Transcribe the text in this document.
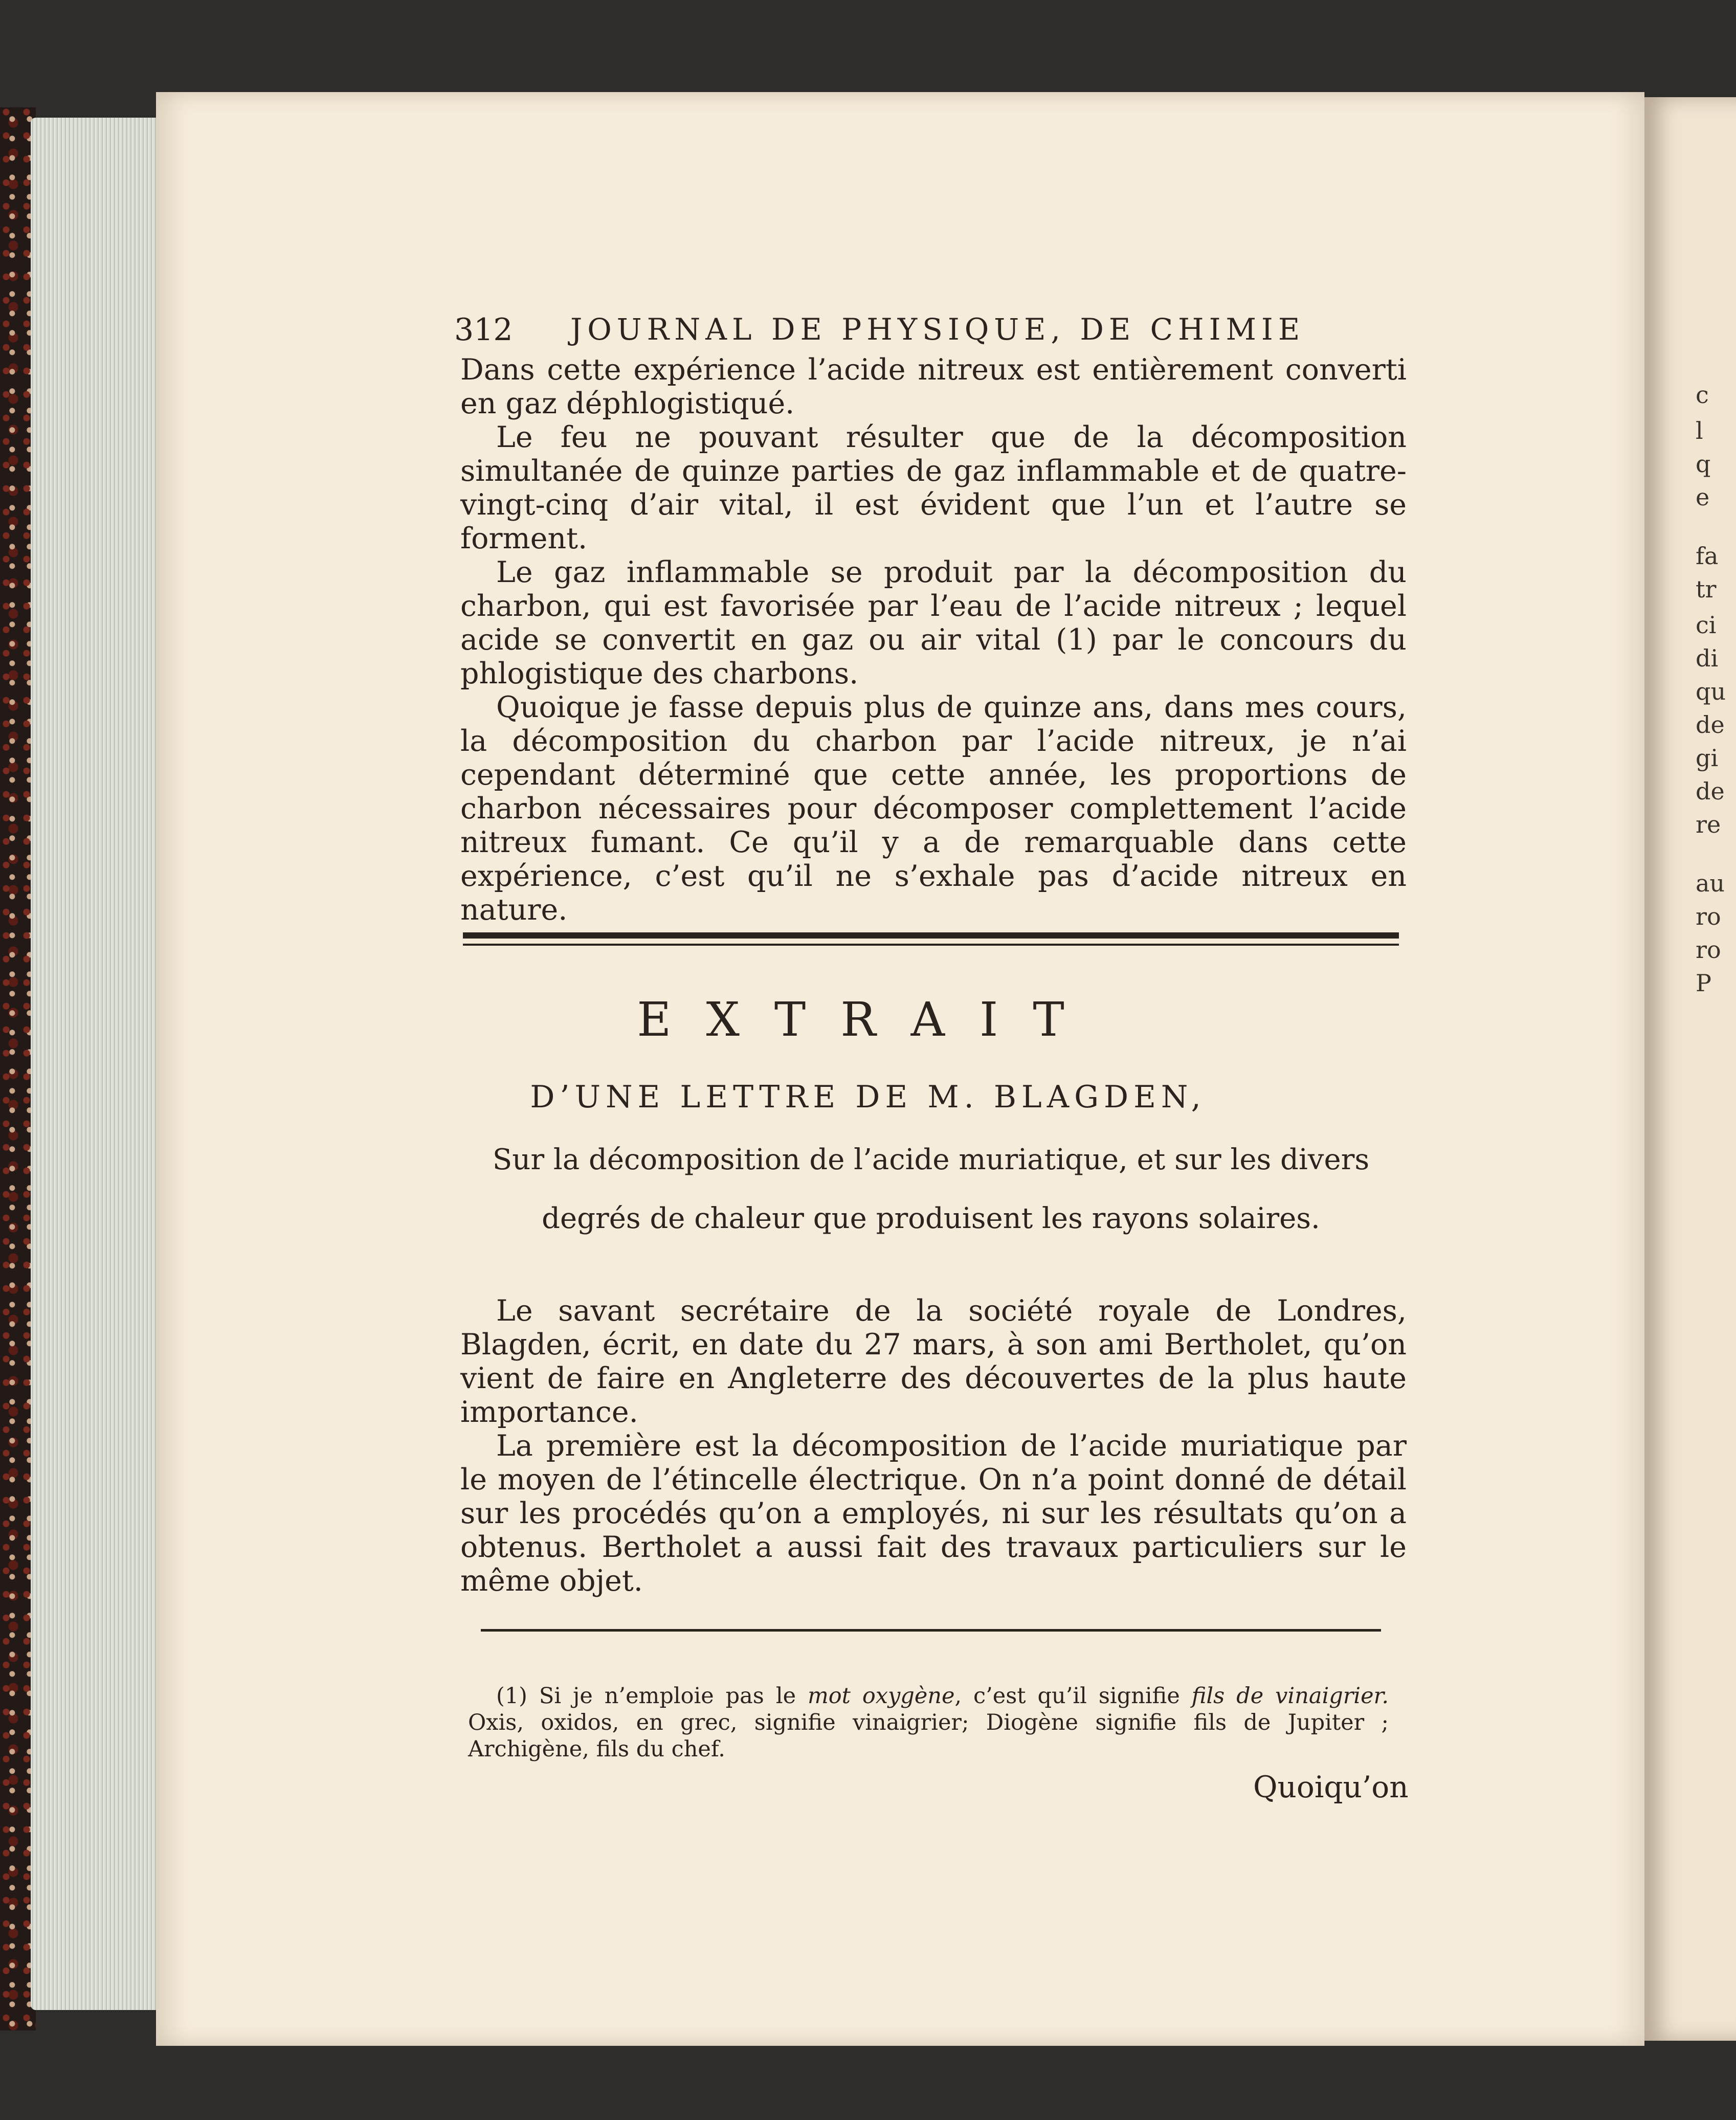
c
l
q
e
fa
tr
ci
di
qu
de
gi
de
re
au
ro
ro
P
312 JOURNAL DE PHYSIQUE, DE CHIMIE

Dans cette expérience l’acide nitreux est entièrement converti en gaz déphlogistiqué.

Le feu ne pouvant résulter que de la décomposition simultanée de quinze parties de gaz inflammable et de quatre-vingt-cinq d’air vital, il est évident que l’un et l’autre se forment.

Le gaz inflammable se produit par la décomposition du charbon, qui est favorisée par l’eau de l’acide nitreux ; lequel acide se convertit en gaz ou air vital (1) par le concours du phlogistique des charbons.

Quoique je fasse depuis plus de quinze ans, dans mes cours, la décomposition du charbon par l’acide nitreux, je n’ai cependant déterminé que cette année, les proportions de charbon nécessaires pour décomposer complettement l’acide nitreux fumant. Ce qu’il y a de remarquable dans cette expérience, c’est qu’il ne s’exhale pas d’acide nitreux en nature.

EXTRAIT
D’UNE LETTRE DE M. BLAGDEN,
Sur la décomposition de l’acide muriatique, et sur les divers
degrés de chaleur que produisent les rayons solaires.

Le savant secrétaire de la société royale de Londres, Blagden, écrit, en date du 27 mars, à son ami Bertholet, qu’on vient de faire en Angleterre des découvertes de la plus haute importance.

La première est la décomposition de l’acide muriatique par le moyen de l’étincelle électrique. On n’a point donné de détail sur les procédés qu’on a employés, ni sur les résultats qu’on a obtenus. Bertholet a aussi fait des travaux particuliers sur le même objet.

(1) Si je n’emploie pas le mot oxygène, c’est qu’il signifie fils de vinaigrier. Oxis, oxidos, en grec, signifie vinaigrier; Diogène signifie fils de Jupiter ; Archigène, fils du chef.

Quoiqu’on
